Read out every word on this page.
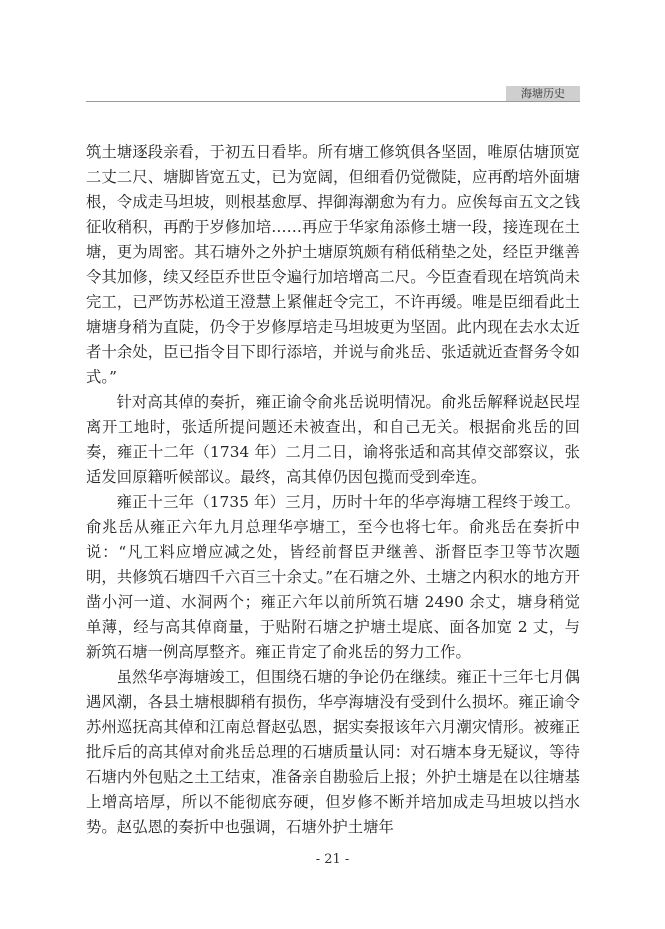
海塘历史

筑土塘逐段亲看，于初五日看毕。所有塘工修筑俱各坚固，唯原估塘顶宽二丈二尺、塘脚皆宽五丈，已为宽阔，但细看仍觉微陡，应再酌培外面塘根，令成走马坦坡，则根基愈厚、捍御海潮愈为有力。应俟每亩五文之钱征收稍积，再酌于岁修加培……再应于华家角添修土塘一段，接连现在土塘，更为周密。其石塘外之外护土塘原筑颇有稍低稍垫之处，经臣尹继善令其加修，续又经臣乔世臣令遍行加培增高二尺。今臣查看现在培筑尚未完工，已严饬苏松道王澄慧上紧催赶令完工，不许再缓。唯是臣细看此土塘塘身稍为直陡，仍令于岁修厚培走马坦坡更为坚固。此内现在去水太近者十余处，臣已指令目下即行添培，并说与俞兆岳、张适就近查督务令如式。”

针对高其倬的奏折，雍正谕令俞兆岳说明情况。俞兆岳解释说赵民埕离开工地时，张适所提问题还未被查出，和自己无关。根据俞兆岳的回奏，雍正十二年（1734 年）二月二日，谕将张适和高其倬交部察议，张适发回原籍听候部议。最终，高其倬仍因包揽而受到牵连。

雍正十三年（1735 年）三月，历时十年的华亭海塘工程终于竣工。俞兆岳从雍正六年九月总理华亭塘工，至今也将七年。俞兆岳在奏折中说：“凡工料应增应减之处，皆经前督臣尹继善、浙督臣李卫等节次题明，共修筑石塘四千六百三十余丈。”在石塘之外、土塘之内积水的地方开凿小河一道、水洞两个；雍正六年以前所筑石塘 2490 余丈，塘身稍觉单薄，经与高其倬商量，于贴附石塘之护塘土堤底、面各加宽 2 丈，与新筑石塘一例高厚整齐。雍正肯定了俞兆岳的努力工作。

虽然华亭海塘竣工，但围绕石塘的争论仍在继续。雍正十三年七月偶遇风潮，各县土塘根脚稍有损伤，华亭海塘没有受到什么损坏。雍正谕令苏州巡抚高其倬和江南总督赵弘恩，据实奏报该年六月潮灾情形。被雍正批斥后的高其倬对俞兆岳总理的石塘质量认同：对石塘本身无疑议，等待石塘内外包贴之土工结束，准备亲自勘验后上报；外护土塘是在以往塘基上增高培厚，所以不能彻底夯硬，但岁修不断并培加成走马坦坡以挡水势。赵弘恩的奏折中也强调，石塘外护土塘年

- 21 -
